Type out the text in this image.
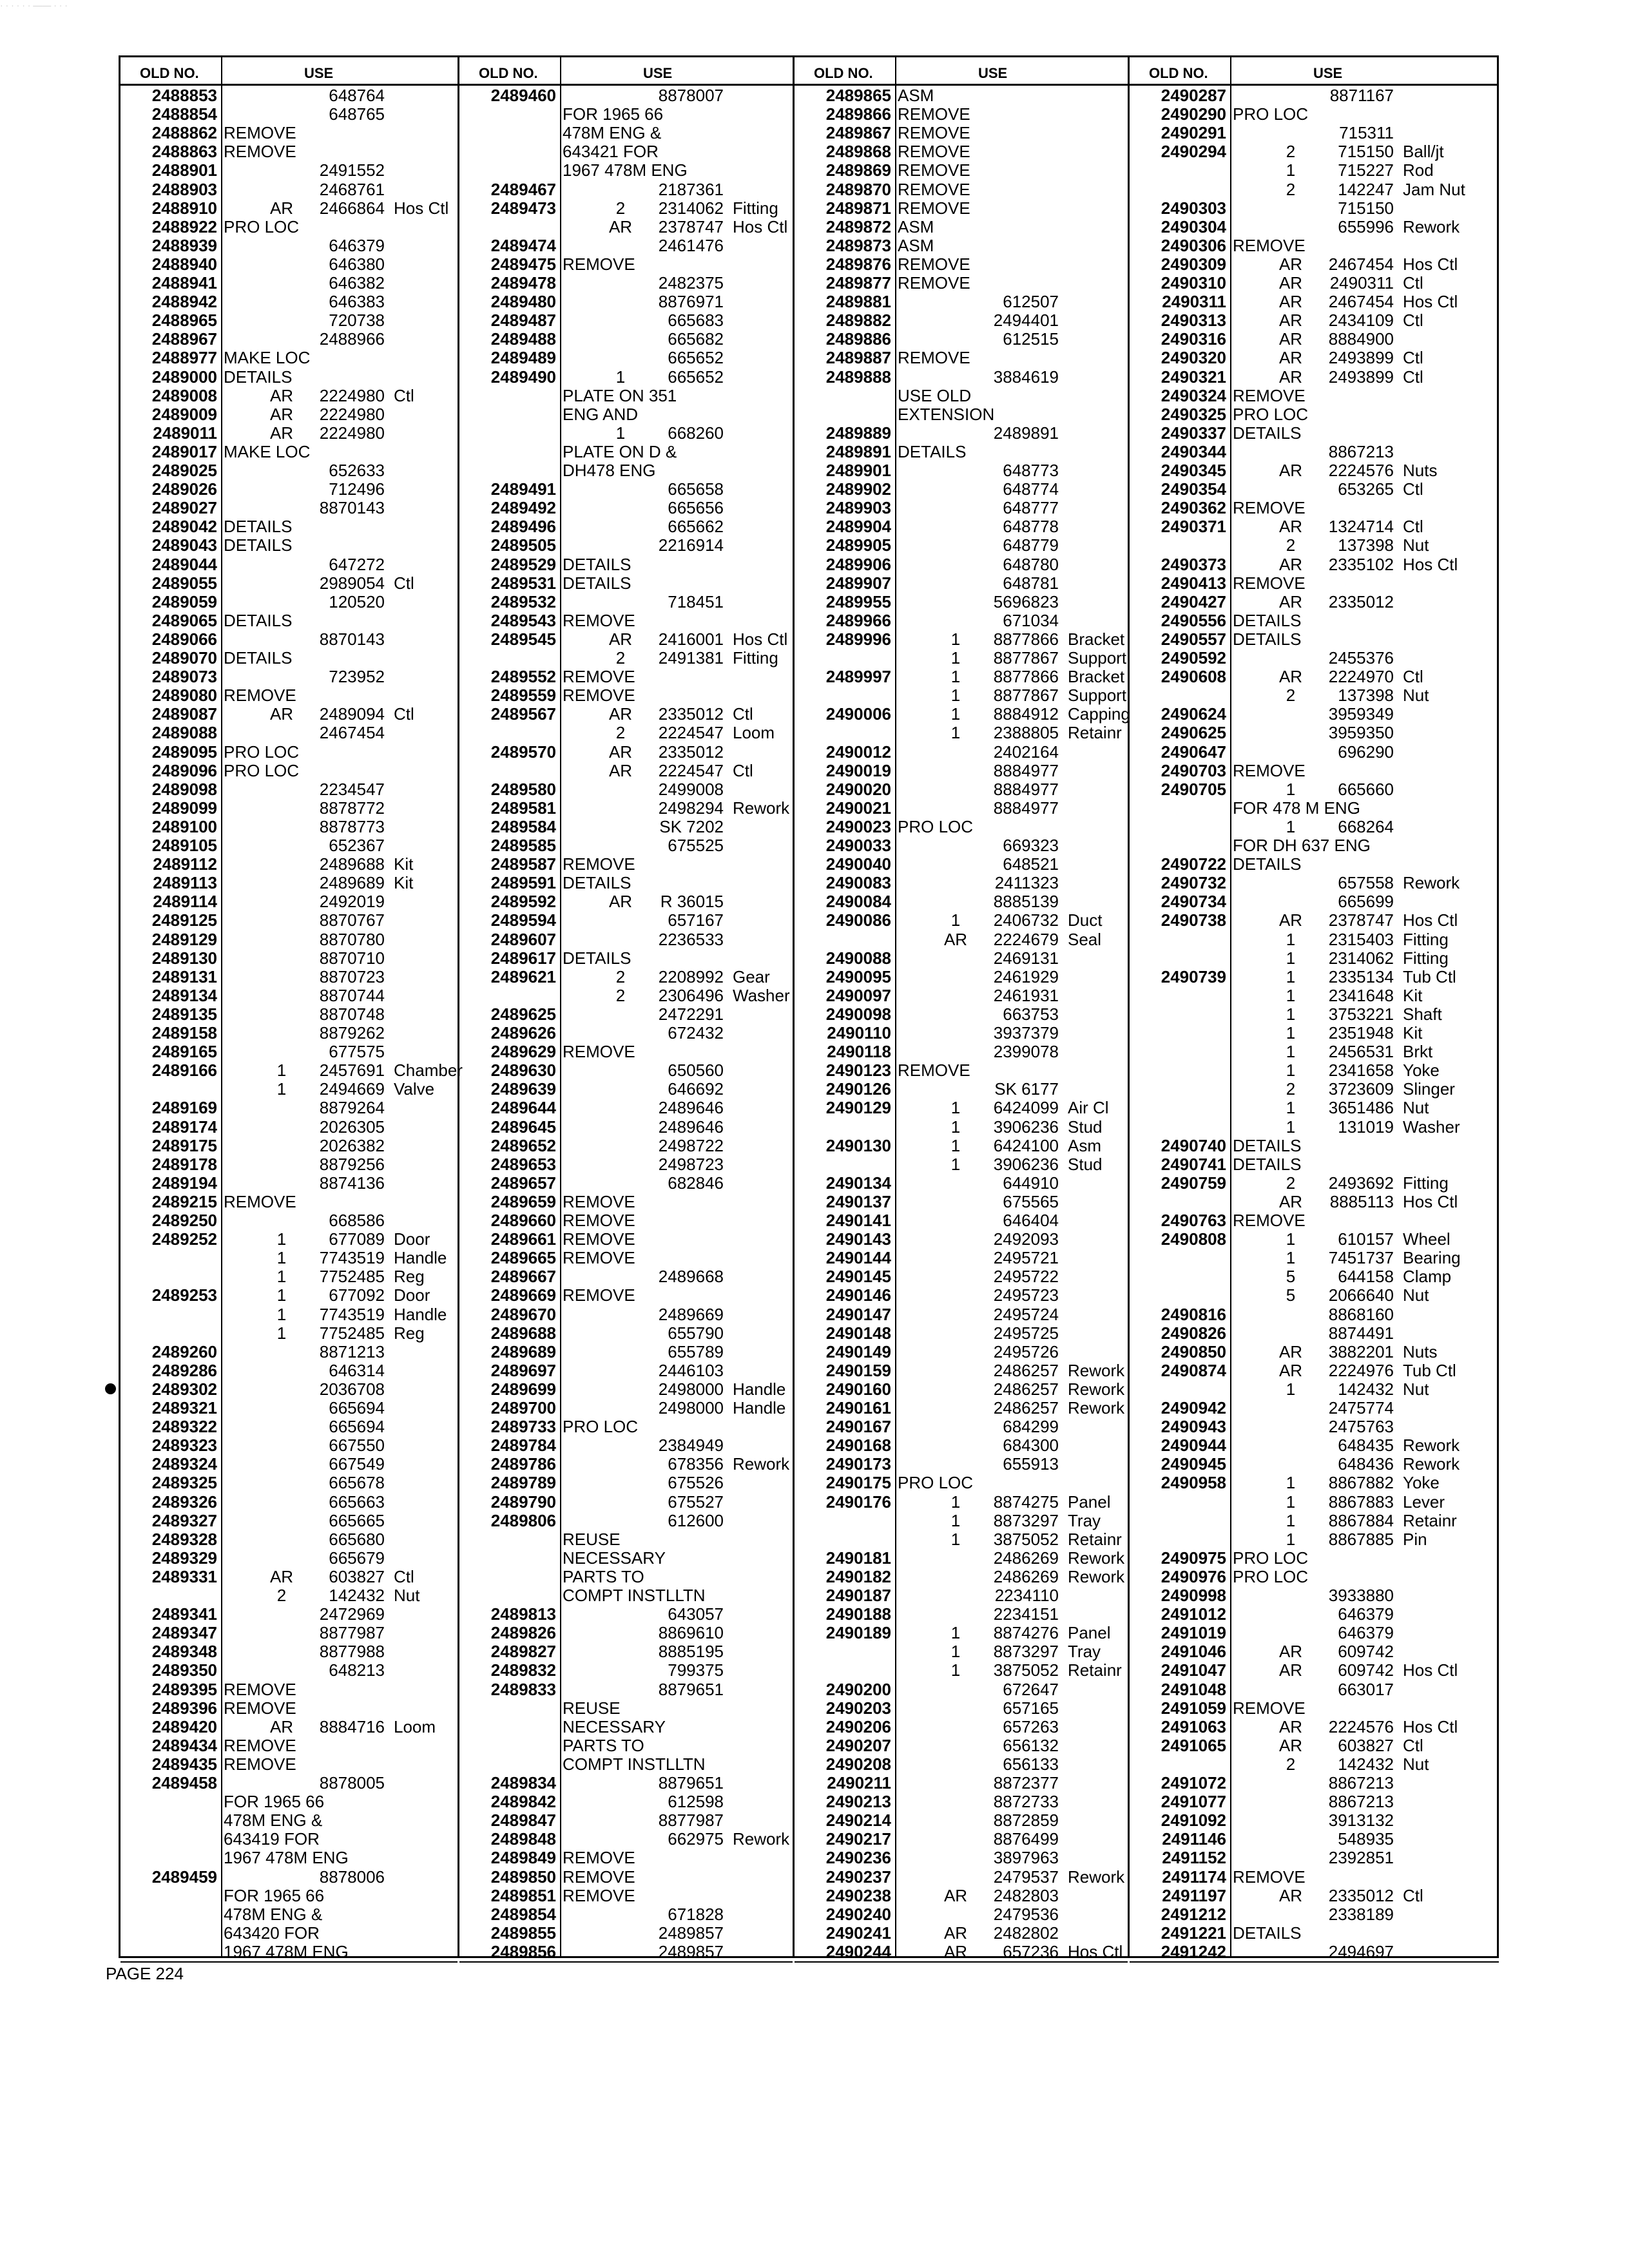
· · · · · · —— · · ·
OLD NO.	USE
2488853	648764
2488854	648765
2488862 REMOVE
2488863 REMOVE
2488901	2491552
2488903	2468761
2488910	AR	2466864 Hos Ctl
2488922 PRO LOC
2488939	646379
2488940	646380
2488941	646382
2488942	646383
2488965	720738
2488967	2488966
2488977 MAKE LOC
2489000 DETAILS
2489008	AR	2224980 Ctl
2489009	AR	2224980
2489011	AR	2224980
2489017 MAKE LOC
2489025	652633
2489026	712496
2489027	8870143
2489042 DETAILS
2489043 DETAILS
2489044	647272
2489055	2989054 Ctl
2489059	120520
2489065 DETAILS
2489066	8870143
2489070 DETAILS
2489073	723952
2489080 REMOVE
2489087	AR	2489094 Ctl
2489088	2467454
2489095 PRO LOC
2489096 PRO LOC
2489098	2234547
2489099	8878772
2489100	8878773
2489105	652367
2489112	2489688 Kit
2489113	2489689 Kit
2489114	2492019
2489125	8870767
2489129	8870780
2489130	8870710
2489131	8870723
2489134	8870744
2489135	8870748
2489158	8879262
2489165	677575
2489166	1	2457691 Chamber
1	2494669 Valve
2489169	8879264
2489174	2026305
2489175	2026382
2489178	8879256
2489194	8874136
2489215 REMOVE
2489250	668586
2489252	1	677089 Door
1	7743519 Handle
1	7752485 Reg
2489253	1	677092 Door
1	7743519 Handle
1	7752485 Reg
2489260	8871213
2489286	646314
2489302	2036708
2489321	665694
2489322	665694
2489323	667550
2489324	667549
2489325	665678
2489326	665663
2489327	665665
2489328	665680
2489329	665679
2489331	AR	603827 Ctl
2	142432 Nut
2489341	2472969
2489347	8877987
2489348	8877988
2489350	648213
2489395 REMOVE
2489396 REMOVE
2489420	AR	8884716 Loom
2489434 REMOVE
2489435 REMOVE
2489458	8878005
FOR 1965 66
478M ENG &
643419 FOR
1967 478M ENG
2489459	8878006
FOR 1965 66
478M ENG &
643420 FOR
1967 478M ENG
OLD NO.	USE
2489460	8878007
FOR 1965 66
478M ENG &
643421 FOR
1967 478M ENG
2489467	2187361
2489473	2	2314062 Fitting
AR	2378747 Hos Ctl
2489474	2461476
2489475 REMOVE
2489478	2482375
2489480	8876971
2489487	665683
2489488	665682
2489489	665652
2489490	1	665652
PLATE ON 351
ENG AND
1	668260
PLATE ON D &
DH478 ENG
2489491	665658
2489492	665656
2489496	665662
2489505	2216914
2489529 DETAILS
2489531 DETAILS
2489532	718451
2489543 REMOVE
2489545	AR	2416001 Hos Ctl
2	2491381 Fitting
2489552 REMOVE
2489559 REMOVE
2489567	AR	2335012 Ctl
2	2224547 Loom
2489570	AR	2335012
AR	2224547 Ctl
2489580	2499008
2489581	2498294 Rework
2489584	SK 7202
2489585	675525
2489587 REMOVE
2489591 DETAILS
2489592	AR	R 36015
2489594	657167
2489607	2236533
2489617 DETAILS
2489621	2	2208992 Gear
2	2306496 Washer
2489625	2472291
2489626	672432
2489629 REMOVE
2489630	650560
2489639	646692
2489644	2489646
2489645	2489646
2489652	2498722
2489653	2498723
2489657	682846
2489659 REMOVE
2489660 REMOVE
2489661 REMOVE
2489665 REMOVE
2489667	2489668
2489669 REMOVE
2489670	2489669
2489688	655790
2489689	655789
2489697	2446103
2489699	2498000 Handle
2489700	2498000 Handle
2489733 PRO LOC
2489784	2384949
2489786	678356 Rework
2489789	675526
2489790	675527
2489806	612600
REUSE
NECESSARY
PARTS TO
COMPT INSTLLTN
2489813	643057
2489826	8869610
2489827	8885195
2489832	799375
2489833	8879651
REUSE
NECESSARY
PARTS TO
COMPT INSTLLTN
2489834	8879651
2489842	612598
2489847	8877987
2489848	662975 Rework
2489849 REMOVE
2489850 REMOVE
2489851 REMOVE
2489854	671828
2489855	2489857
2489856	2489857
OLD NO.	USE
2489865 ASM
2489866 REMOVE
2489867 REMOVE
2489868 REMOVE
2489869 REMOVE
2489870 REMOVE
2489871 REMOVE
2489872 ASM
2489873 ASM
2489876 REMOVE
2489877 REMOVE
2489881	612507
2489882	2494401
2489886	612515
2489887 REMOVE
2489888	3884619
USE OLD
EXTENSION
2489889	2489891
2489891 DETAILS
2489901	648773
2489902	648774
2489903	648777
2489904	648778
2489905	648779
2489906	648780
2489907	648781
2489955	5696823
2489966	671034
2489996	1	8877866 Bracket
1	8877867 Support
2489997	1	8877866 Bracket
1	8877867 Support
2490006	1	8884912 Capping
1	2388805 Retainr
2490012	2402164
2490019	8884977
2490020	8884977
2490021	8884977
2490023 PRO LOC
2490033	669323
2490040	648521
2490083	2411323
2490084	8885139
2490086	1	2406732 Duct
AR	2224679 Seal
2490088	2469131
2490095	2461929
2490097	2461931
2490098	663753
2490110	3937379
2490118	2399078
2490123 REMOVE
2490126	SK 6177
2490129	1	6424099 Air Cl
1	3906236 Stud
2490130	1	6424100 Asm
1	3906236 Stud
2490134	644910
2490137	675565
2490141	646404
2490143	2492093
2490144	2495721
2490145	2495722
2490146	2495723
2490147	2495724
2490148	2495725
2490149	2495726
2490159	2486257 Rework
2490160	2486257 Rework
2490161	2486257 Rework
2490167	684299
2490168	684300
2490173	655913
2490175 PRO LOC
2490176	1	8874275 Panel
1	8873297 Tray
1	3875052 Retainr
2490181	2486269 Rework
2490182	2486269 Rework
2490187	2234110
2490188	2234151
2490189	1	8874276 Panel
1	8873297 Tray
1	3875052 Retainr
2490200	672647
2490203	657165
2490206	657263
2490207	656132
2490208	656133
2490211	8872377
2490213	8872733
2490214	8872859
2490217	8876499
2490236	3897963
2490237	2479537 Rework
2490238	AR	2482803
2490240	2479536
2490241	AR	2482802
2490244	AR	657236 Hos Ctl
OLD NO.	USE
2490287	8871167
2490290 PRO LOC
2490291	715311
2490294	2	715150 Ball/jt
1	715227 Rod
2	142247 Jam Nut
2490303	715150
2490304	655996 Rework
2490306 REMOVE
2490309	AR	2467454 Hos Ctl
2490310	AR	2490311 Ctl
2490311	AR	2467454 Hos Ctl
2490313	AR	2434109 Ctl
2490316	AR	8884900
2490320	AR	2493899 Ctl
2490321	AR	2493899 Ctl
2490324 REMOVE
2490325 PRO LOC
2490337 DETAILS
2490344	8867213
2490345	AR	2224576 Nuts
2490354	653265 Ctl
2490362 REMOVE
2490371	AR	1324714 Ctl
2	137398 Nut
2490373	AR	2335102 Hos Ctl
2490413 REMOVE
2490427	AR	2335012
2490556 DETAILS
2490557 DETAILS
2490592	2455376
2490608	AR	2224970 Ctl
2	137398 Nut
2490624	3959349
2490625	3959350
2490647	696290
2490703 REMOVE
2490705	1	665660
FOR 478 M ENG
1	668264
FOR DH 637 ENG
2490722 DETAILS
2490732	657558 Rework
2490734	665699
2490738	AR	2378747 Hos Ctl
1	2315403 Fitting
1	2314062 Fitting
2490739	1	2335134 Tub Ctl
1	2341648 Kit
1	3753221 Shaft
1	2351948 Kit
1	2456531 Brkt
1	2341658 Yoke
2	3723609 Slinger
1	3651486 Nut
1	131019 Washer
2490740 DETAILS
2490741 DETAILS
2490759	2	2493692 Fitting
AR	8885113 Hos Ctl
2490763 REMOVE
2490808	1	610157 Wheel
1	7451737 Bearing
5	644158 Clamp
5	2066640 Nut
2490816	8868160
2490826	8874491
2490850	AR	3882201 Nuts
2490874	AR	2224976 Tub Ctl
1	142432 Nut
2490942	2475774
2490943	2475763
2490944	648435 Rework
2490945	648436 Rework
2490958	1	8867882 Yoke
1	8867883 Lever
1	8867884 Retainr
1	8867885 Pin
2490975 PRO LOC
2490976 PRO LOC
2490998	3933880
2491012	646379
2491019	646379
2491046	AR	609742
2491047	AR	609742 Hos Ctl
2491048	663017
2491059 REMOVE
2491063	AR	2224576 Hos Ctl
2491065	AR	603827 Ctl
2	142432 Nut
2491072	8867213
2491077	8867213
2491092	3913132
2491146	548935
2491152	2392851
2491174 REMOVE
2491197	AR	2335012 Ctl
2491212	2338189
2491221 DETAILS
2491242	2494697
PAGE 224
